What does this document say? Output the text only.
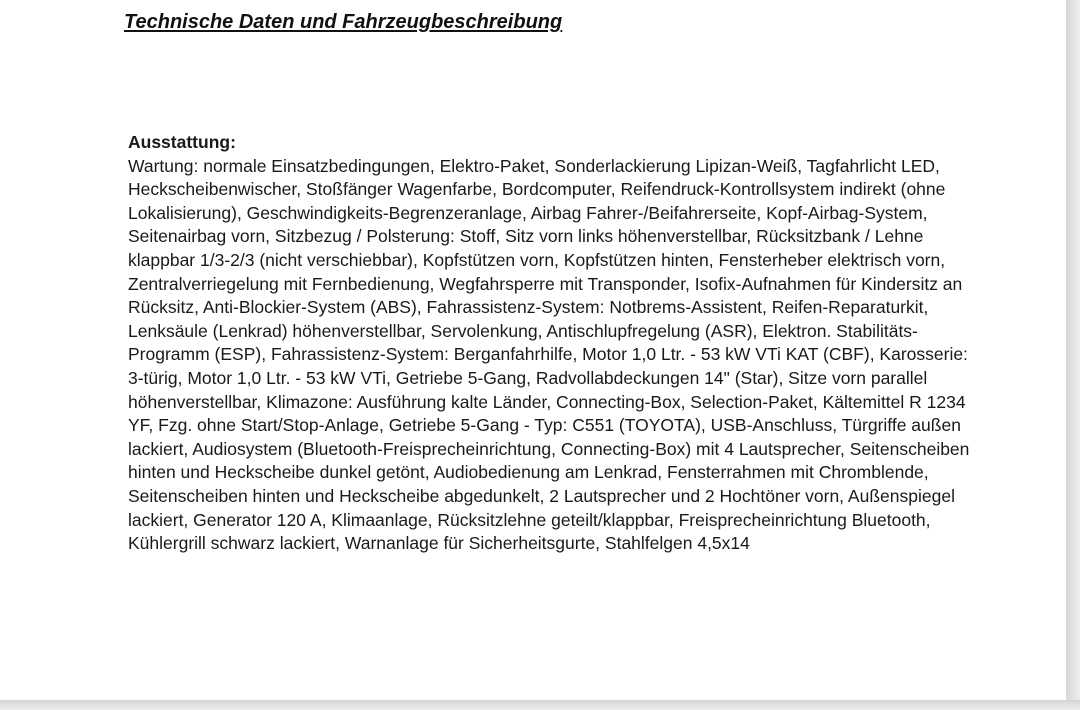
Technische Daten und Fahrzeugbeschreibung
Ausstattung:

Wartung: normale Einsatzbedingungen, Elektro-Paket, Sonderlackierung Lipizan-Weiß, Tagfahrlicht LED, Heckscheibenwischer, Stoßfänger Wagenfarbe, Bordcomputer, Reifendruck-Kontrollsystem indirekt (ohne Lokalisierung), Geschwindigkeits-Begrenzeranlage, Airbag Fahrer-/Beifahrerseite, Kopf-Airbag-System, Seitenairbag vorn, Sitzbezug / Polsterung: Stoff, Sitz vorn links höhenverstellbar, Rücksitzbank / Lehne klappbar 1/3-2/3 (nicht verschiebbar), Kopfstützen vorn, Kopfstützen hinten, Fensterheber elektrisch vorn, Zentralverriegelung mit Fernbedienung, Wegfahrsperre mit Transponder, Isofix-Aufnahmen für Kindersitz an Rücksitz, Anti-Blockier-System (ABS), Fahrassistenz-System: Notbrems-Assistent, Reifen-Reparaturkit, Lenksäule (Lenkrad) höhenverstellbar, Servolenkung, Antischlupfregelung (ASR), Elektron. Stabilitäts-Programm (ESP), Fahrassistenz-System: Berganfahrhilfe, Motor 1,0 Ltr. - 53 kW VTi KAT (CBF), Karosserie: 3-türig, Motor 1,0 Ltr. - 53 kW VTi, Getriebe 5-Gang, Radvollabdeckungen 14" (Star), Sitze vorn parallel höhenverstellbar, Klimazone: Ausführung kalte Länder, Connecting-Box, Selection-Paket, Kältemittel R 1234 YF, Fzg. ohne Start/Stop-Anlage, Getriebe 5-Gang - Typ: C551 (TOYOTA), USB-Anschluss, Türgriffe außen lackiert, Audiosystem (Bluetooth-Freisprecheinrichtung, Connecting-Box) mit 4 Lautsprecher, Seitenscheiben hinten und Heckscheibe dunkel getönt, Audiobedienung am Lenkrad, Fensterrahmen mit Chromblende, Seitenscheiben hinten und Heckscheibe abgedunkelt, 2 Lautsprecher und 2 Hochtöner vorn, Außenspiegel lackiert, Generator 120 A, Klimaanlage, Rücksitzlehne geteilt/klappbar, Freisprecheinrichtung Bluetooth, Kühlergrill schwarz lackiert, Warnanlage für Sicherheitsgurte, Stahlfelgen 4,5x14
